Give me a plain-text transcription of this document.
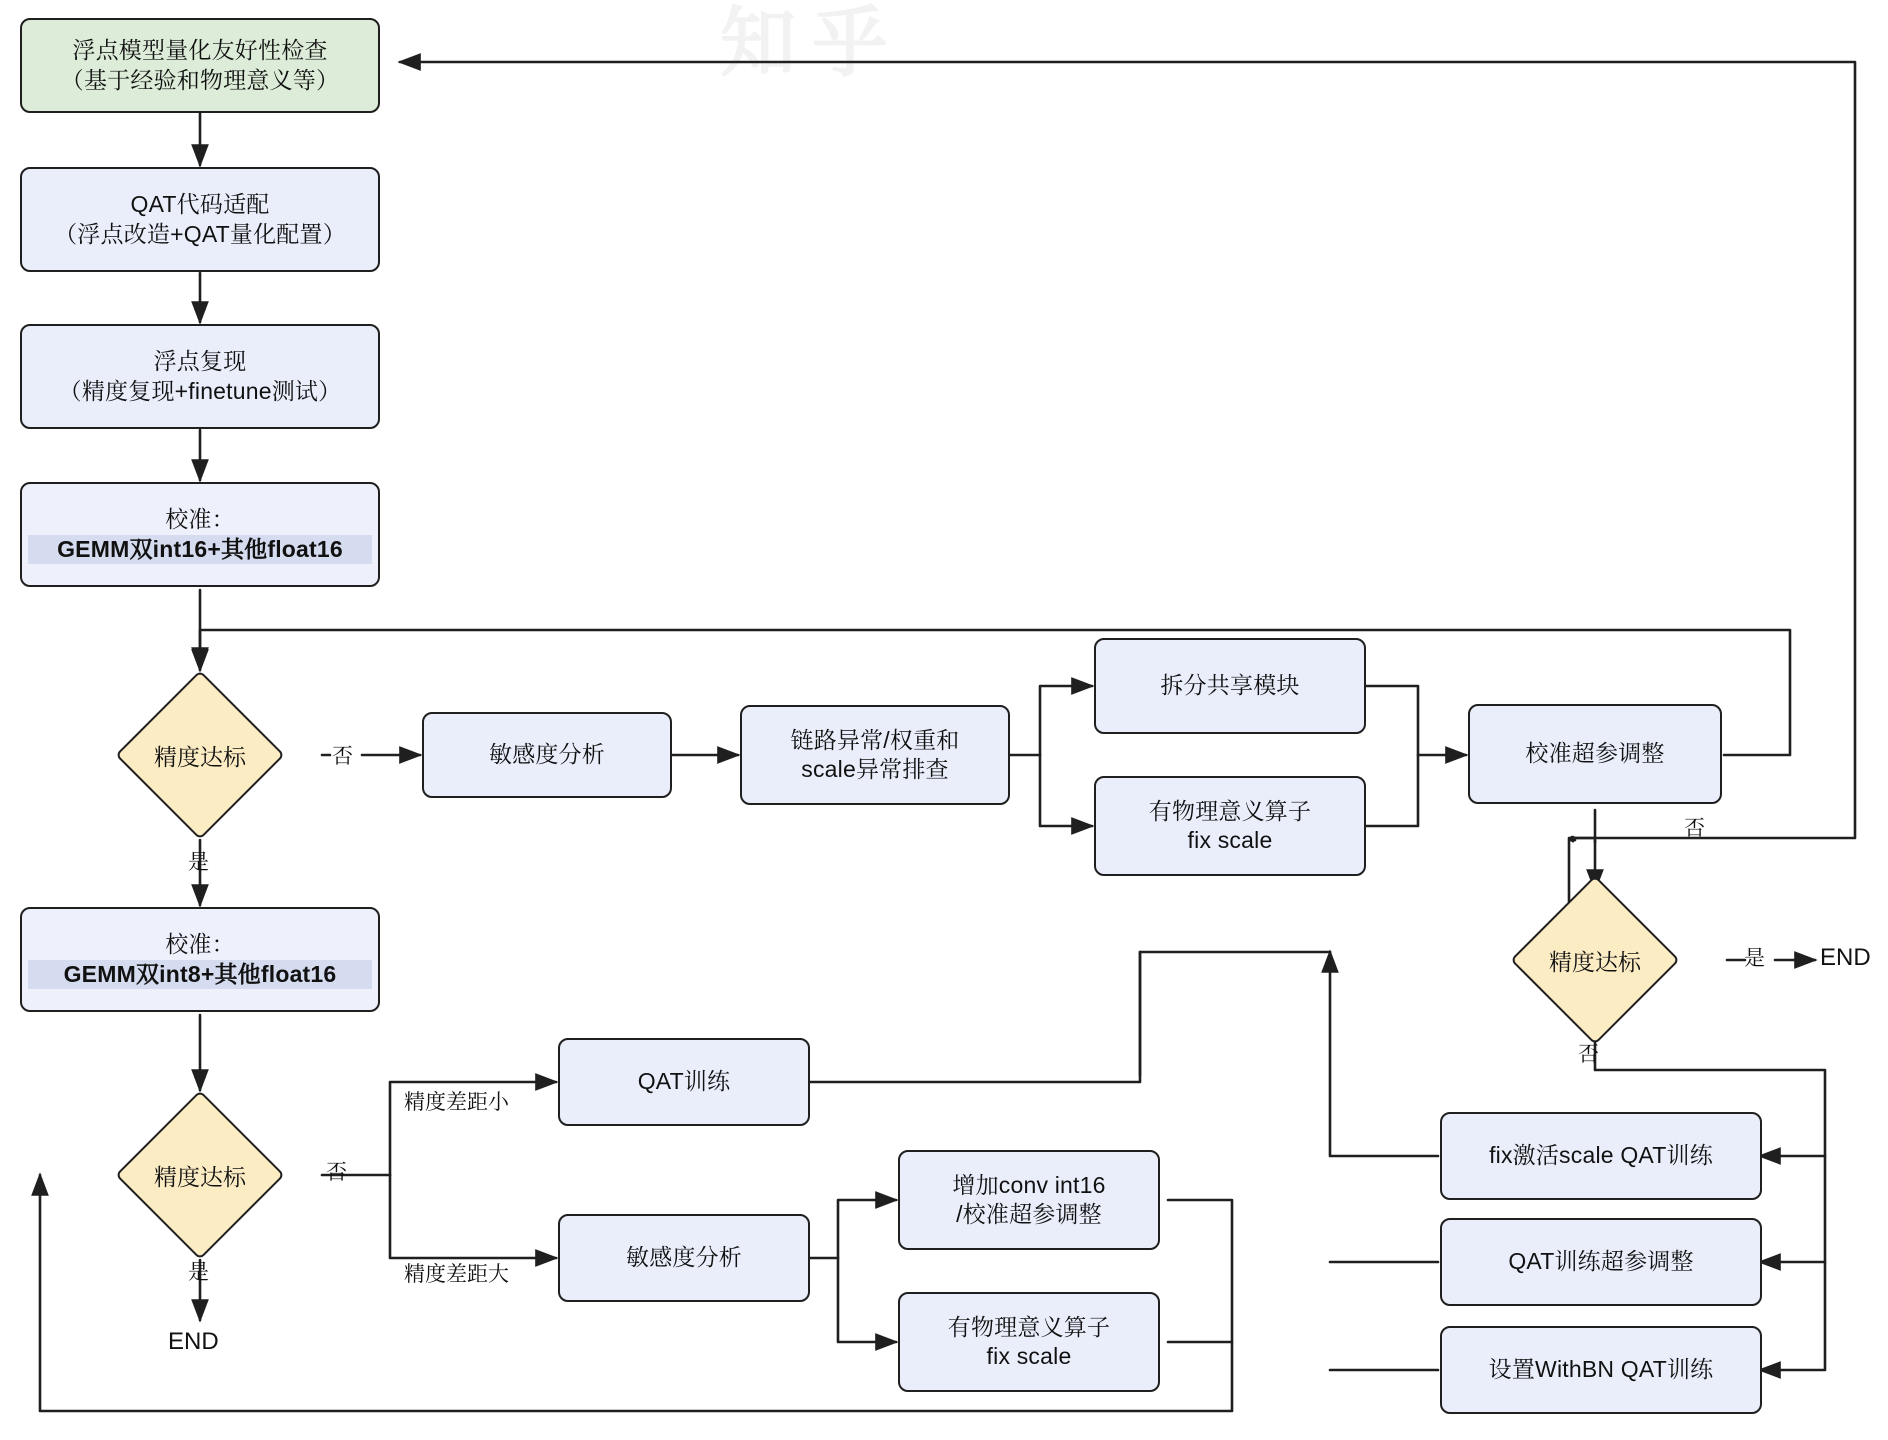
知乎
浮点模型量化友好性检查
（基于经验和物理意义等）
QAT代码适配
（浮点改造+QAT量化配置）
浮点复现
（精度复现+finetune测试）
校准：
GEMM双int16+其他float16
精度达标	敏感度分析
链路异常/权重和
scale异常排查
拆分共享模块
有物理意义算子
fix scale
校准超参调整
精度达标
校准：
GEMM双int8+其他float16
精度达标
QAT训练
敏感度分析
增加conv int16
/校准超参调整
有物理意义算子
fix scale
fix激活scale QAT训练
QAT训练超参调整
设置WithBN QAT训练
否
是
否
是
否
否
是
精度差距小
精度差距大
END
END
